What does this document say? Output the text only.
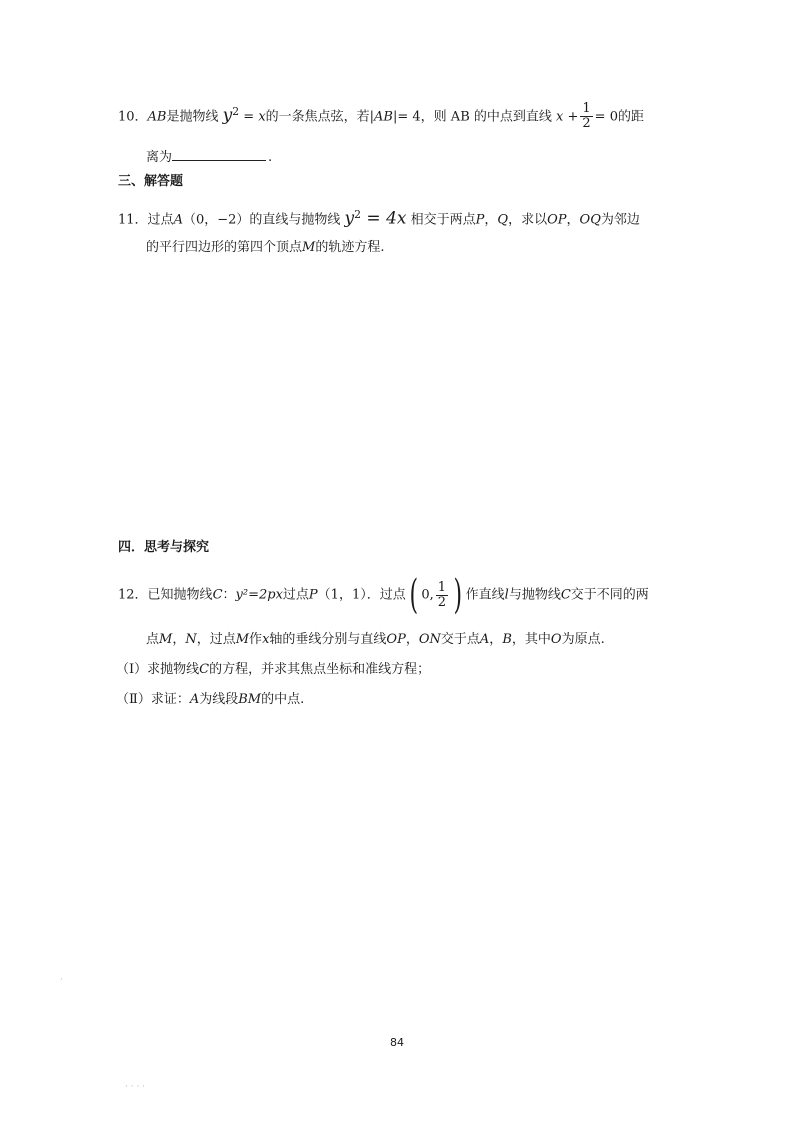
10．AB是抛物线 $y^2 = x$的一条焦点弦，若|AB|= 4，则 AB 的中点到直线 $x + \frac{1}{2} = 0$的距
离为	.
三、解答题
11．过点A（0，−2）的直线与抛物线 $y^2 = 4x$ 相交于两点P，Q，求以OP，OQ为邻边
的平行四边形的第四个顶点M的轨迹方程.
四．思考与探究
12．已知抛物线C：y²=2px过点P（1，1）．过点( 0, $\frac{1}{2}$ ) 作直线l与抛物线C交于不同的两
点M，N，过点M作x轴的垂线分别与直线OP，ON交于点A，B，其中O为原点.
（Ⅰ）求抛物线C的方程，并求其焦点坐标和准线方程；
（Ⅱ）求证：A为线段BM的中点.
·
· · · ·
84
